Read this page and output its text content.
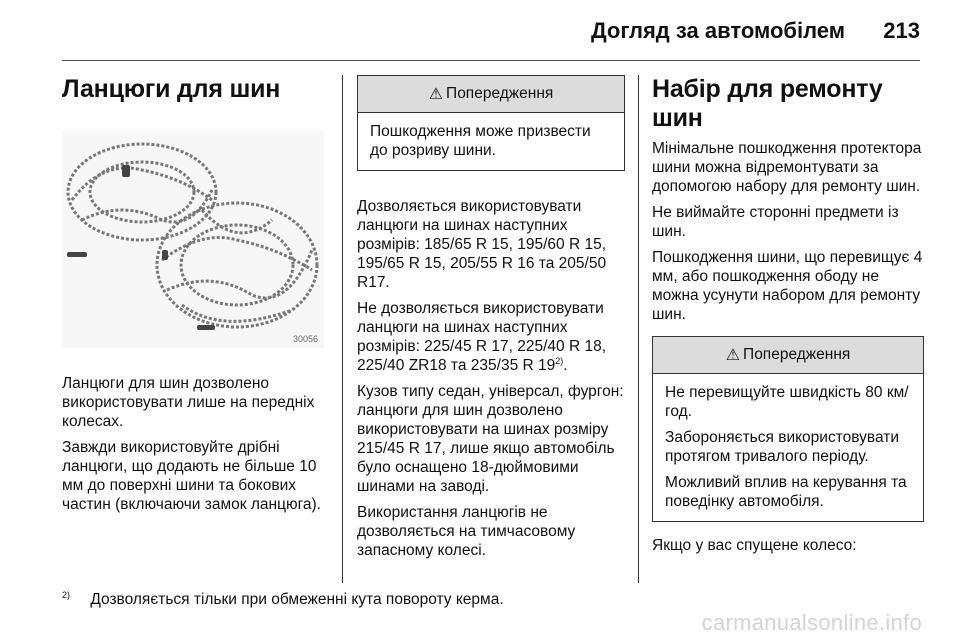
Догляд за автомобілем 213
Ланцюги для шин
30056

Ланцюги для шин дозволено використовувати лише на передніх колесах.

Завжди використовуйте дрібні ланцюги, що додають не більше 10 мм до поверхні шини та бокових частин (включаючи замок ланцюга).

⚠ Попередження

Пошкодження може призвести до розриву шини.

Дозволяється використовувати ланцюги на шинах наступних розмірів: 185/65 R 15, 195/60 R 15, 195/65 R 15, 205/55 R 16 та 205/50 R17.

Не дозволяється використовувати ланцюги на шинах наступних розмірів: 225/45 R 17, 225/40 R 18, 225/40 ZR18 та 235/35 R 19$^{2)}$.

Кузов типу седан, універсал, фургон: ланцюги для шин дозволено використовувати на шинах розміру 215/45 R 17, лише якщо автомобіль було оснащено 18-дюймовими шинами на заводі.

Використання ланцюгів не дозволяється на тимчасовому запасному колесі.

Набір для ремонту шин

Мінімальне пошкодження протектора шини можна відремонтувати за допомогою набору для ремонту шин.

Не виймайте сторонні предмети із шин.

Пошкодження шини, що перевищує 4 мм, або пошкодження ободу не можна усунути набором для ремонту шин.

⚠ Попередження

Не перевищуйте швидкість 80 км/год.

Забороняється використовувати протягом тривалого періоду.

Можливий вплив на керування та поведінку автомобіля.

Якщо у вас спущене колесо:

$^{2)}$ Дозволяється тільки при обмеженні кута повороту керма.
carmanualsonline.info
